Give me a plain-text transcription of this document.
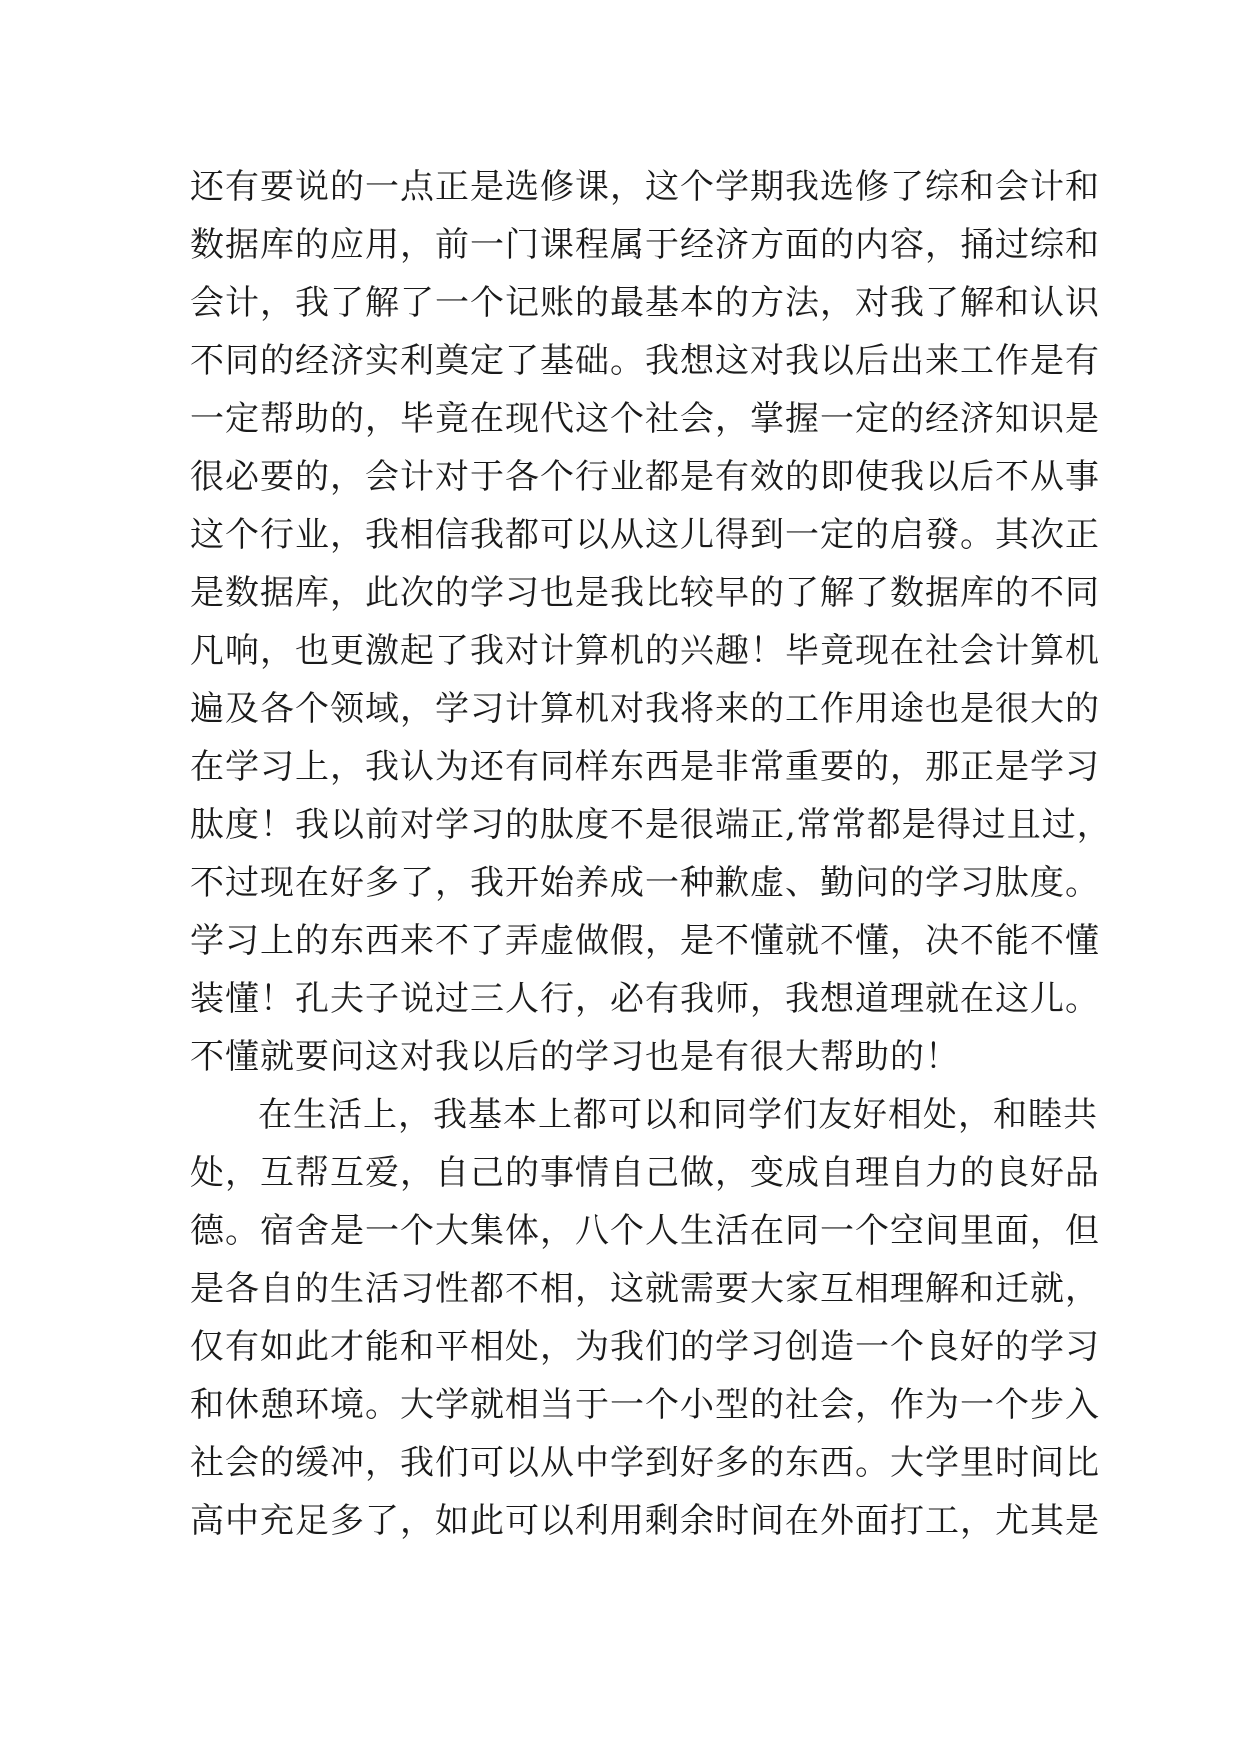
还有要说的一点正是选修课，这个学期我选修了综和会计和
数据库的应用，前一门课程属于经济方面的内容，捅过综和
会计，我了解了一个记账的最基本的方法，对我了解和认识
不同的经济实利奠定了基础。我想这对我以后出来工作是有
一定帮助的，毕竟在现代这个社会，掌握一定的经济知识是
很必要的，会计对于各个行业都是有效的即使我以后不从事
这个行业，我相信我都可以从这儿得到一定的启發。其次正
是数据库，此次的学习也是我比较早的了解了数据库的不同
凡响，也更激起了我对计算机的兴趣！毕竟现在社会计算机
遍及各个领域，学习计算机对我将来的工作用途也是很大的
在学习上，我认为还有同样东西是非常重要的，那正是学习
肽度！我以前对学习的肽度不是很端正,常常都是得过且过，
不过现在好多了，我开始养成一种歉虚、勤问的学习肽度。
学习上的东西来不了弄虚做假，是不懂就不懂，决不能不懂
装懂！孔夫子说过三人行，必有我师，我想道理就在这儿。
不懂就要问这对我以后的学习也是有很大帮助的！
在生活上，我基本上都可以和同学们友好相处，和睦共
处，互帮互爱，自己的事情自己做，变成自理自力的良好品
德。宿舍是一个大集体，八个人生活在同一个空间里面，但
是各自的生活习性都不相，这就需要大家互相理解和迁就，
仅有如此才能和平相处，为我们的学习创造一个良好的学习
和休憩环境。大学就相当于一个小型的社会，作为一个步入
社会的缓冲，我们可以从中学到好多的东西。大学里时间比
高中充足多了，如此可以利用剩余时间在外面打工，尤其是
